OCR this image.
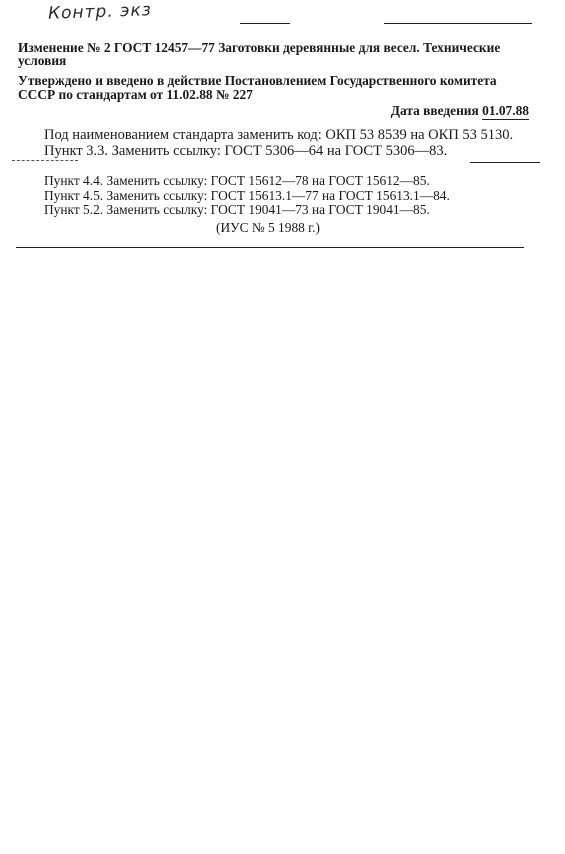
Контр. экз
Изменение № 2 ГОСТ 12457—77 Заготовки деревянные для весел. Технические
условия
Утверждено и введено в действие Постановлением Государственного комитета
СССР по стандартам от 11.02.88 № 227
Дата введения 01.07.88
Под наименованием стандарта заменить код: ОКП 53 8539 на ОКП 53 5130.
Пункт 3.3. Заменить ссылку: ГОСТ 5306—64 на ГОСТ 5306—83.
Пункт 4.4. Заменить ссылку: ГОСТ 15612—78 на ГОСТ 15612—85.
Пункт 4.5. Заменить ссылку: ГОСТ 15613.1—77 на ГОСТ 15613.1—84.
Пункт 5.2. Заменить ссылку: ГОСТ 19041—73 на ГОСТ 19041—85.
(ИУС № 5 1988 г.)
